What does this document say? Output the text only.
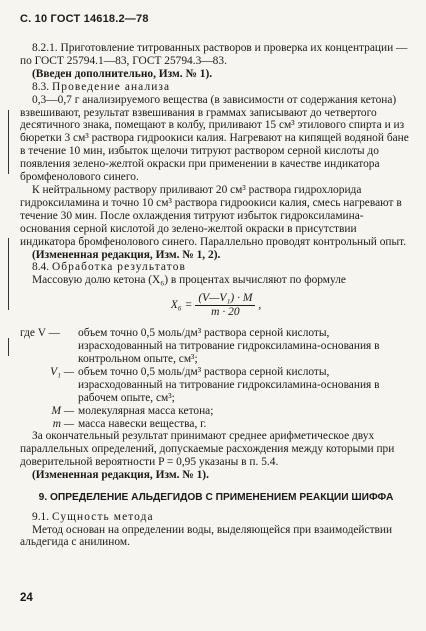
С. 10 ГОСТ 14618.2—78

8.2.1. Приготовление титрованных растворов и проверка их концентрации — по ГОСТ 25794.1—83, ГОСТ 25794.3—83.

(Введен дополнительно, Изм. № 1).

8.3. Проведение анализа

0,3—0,7 г анализируемого вещества (в зависимости от содержания кетона) взвешивают, результат взвешивания в граммах записывают до четвертого десятичного знака, помещают в колбу, приливают 15 см³ этилового спирта и из бюретки 3 см³ раствора гидроокиси калия. Нагревают на кипящей водяной бане в течение 10 мин, избыток щелочи титруют раствором серной кислоты до появления зелено-желтой окраски при применении в качестве индикатора бромфенолового синего.

К нейтральному раствору приливают 20 см³ раствора гидрохлорида гидроксиламина и точно 10 см³ раствора гидроокиси калия, смесь нагревают в течение 30 мин. После охлаждения титруют избыток гидроксиламина-основания серной кислотой до зелено-желтой окраски в присутствии индикатора бромфенолового синего. Параллельно проводят контрольный опыт.

(Измененная редакция, Изм. № 1, 2).

8.4. Обработка результатов

Массовую долю кетона (X₆) в процентах вычисляют по формуле

$X_6 = \frac{\text{(V—V₁) · M}}{m \cdot 20}$ ,
где V —	объем точно 0,5 моль/дм³ раствора серной кислоты, израсходованный на титрование гидроксиламина-основания в контрольном опыте, см³;
V₁ — объем точно 0,5 моль/дм³ раствора серной кислоты, израсходованный на титрование гидроксиламина-основания в рабочем опыте, см³;
M — молекулярная масса кетона;
m — масса навески вещества, г.

За окончательный результат принимают среднее арифметическое двух параллельных определений, допускаемые расхождения между которыми при доверительной вероятности P = 0,95 указаны в п. 5.4.

(Измененная редакция, Изм. № 1).

9. ОПРЕДЕЛЕНИЕ АЛЬДЕГИДОВ С ПРИМЕНЕНИЕМ РЕАКЦИИ ШИФФА

9.1. Сущность метода

Метод основан на определении воды, выделяющейся при взаимодействии альдегида с анилином.

24
